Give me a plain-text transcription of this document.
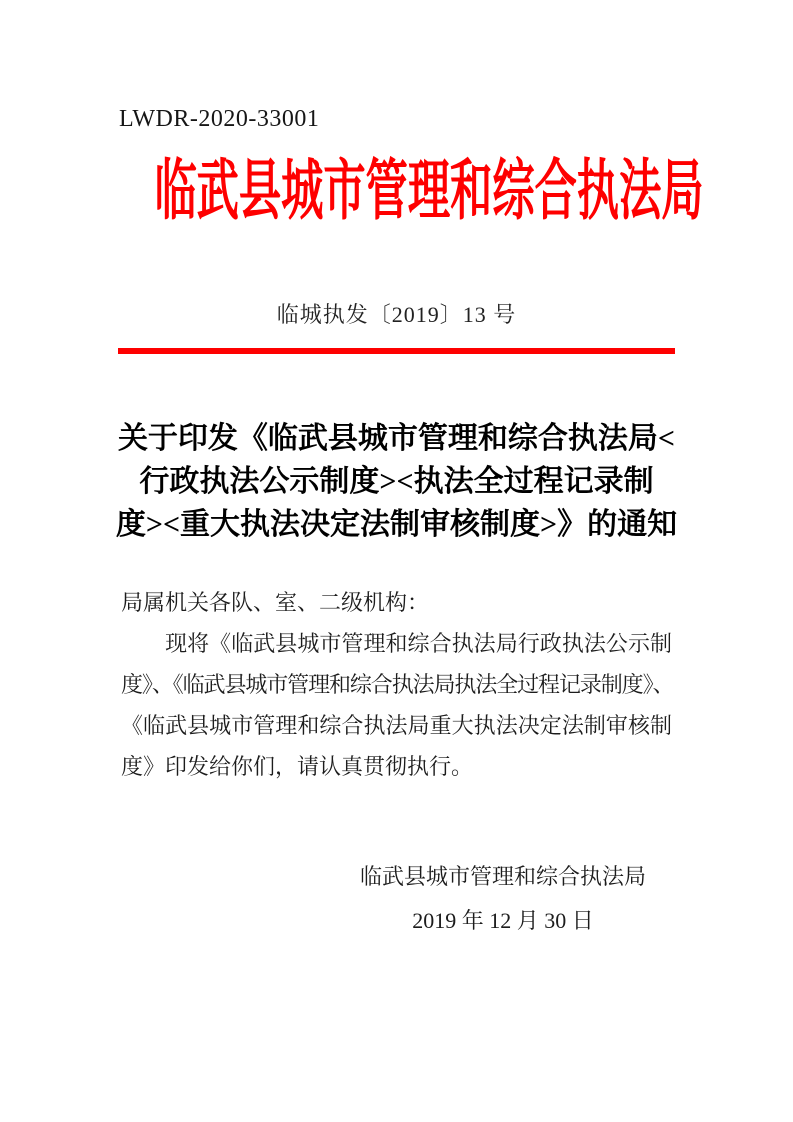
LWDR-2020-33001
临武县城市管理和综合执法局
临城执发〔2019〕13 号
关于印发《临武县城市管理和综合执法局<
行政执法公示制度><执法全过程记录制
度><重大执法决定法制审核制度>》的通知
局属机关各队、室、二级机构：
　　现将《临武县城市管理和综合执法局行政执法公示制
度》、《临武县城市管理和综合执法局执法全过程记录制度》、
《临武县城市管理和综合执法局重大执法决定法制审核制
度》印发给你们，请认真贯彻执行。
临武县城市管理和综合执法局
2019 年 12 月 30 日
